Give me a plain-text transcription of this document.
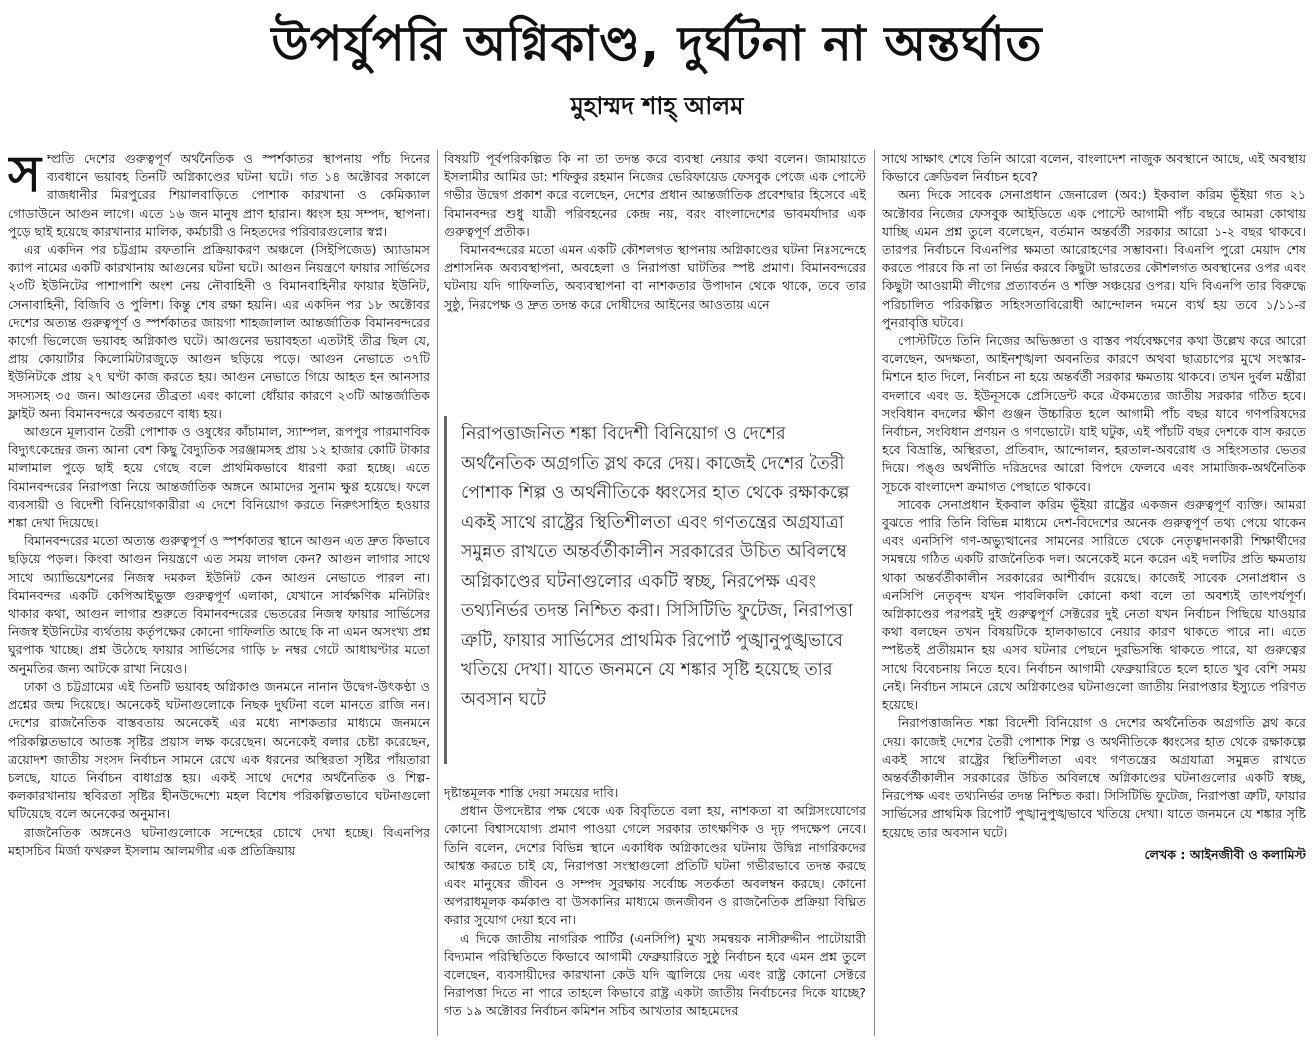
উপর্যুপরি অগ্নিকাণ্ড, দুর্ঘটনা না অন্তর্ঘাত
মুহাম্মদ শাহ্‌ আলম

সম্প্রতি দেশের গুরুত্বপূর্ণ অর্থনৈতিক ও স্পর্শকাতর স্থাপনায় পাঁচ দিনের ব্যবধানে ভয়াবহ তিনটি অগ্নিকাণ্ডের ঘটনা ঘটে। গত ১৪ অক্টোবর সকালে রাজধানীর মিরপুরের শিয়ালবাড়িতে পোশাক কারখানা ও কেমিক্যাল গোডাউনে আগুন লাগে। এতে ১৬ জন মানুষ প্রাণ হারান। ধ্বংস হয় সম্পদ, স্থাপনা। পুড়ে ছাই হয়েছে কারখানার মালিক, কর্মচারী ও নিহতদের পরিবারগুলোর স্বপ্ন।

এর একদিন পর চট্টগ্রাম রফতানি প্রক্রিয়াকরণ অঞ্চলে (সিইপিজেড) অ্যাডামস ক্যাপ নামের একটি কারখানায় আগুনের ঘটনা ঘটে। আগুন নিয়ন্ত্রণে ফায়ার সার্ভিসের ২৩টি ইউনিটের পাশাপাশি অংশ নেয় নৌবাহিনী ও বিমানবাহিনীর ফায়ার ইউনিট, সেনাবাহিনী, বিজিবি ও পুলিশ। কিন্তু শেষ রক্ষা হয়নি। এর একদিন পর ১৮ অক্টোবর দেশের অত্যন্ত গুরুত্বপূর্ণ ও স্পর্শকাতর জায়গা শাহজালাল আন্তর্জাতিক বিমানবন্দরের কার্গো ভিলেজে ভয়াবহ অগ্নিকাণ্ড ঘটে। আগুনের ভয়াবহতা এতটাই তীব্র ছিল যে, প্রায় কোয়ার্টার কিলোমিটারজুড়ে আগুন ছড়িয়ে পড়ে। আগুন নেভাতে ৩৭টি ইউনিটকে প্রায় ২৭ ঘণ্টা কাজ করতে হয়। আগুন নেভাতে গিয়ে আহত হন আনসার সদস্যসহ ৩৫ জন। আগুনের তীব্রতা এবং কালো ধোঁয়ার কারণে ২৩টি আন্তর্জাতিক ফ্লাইট অন্য বিমানবন্দরে অবতরণে বাধ্য হয়।

আগুনে মূল্যবান তৈরী পোশাক ও ওষুধের কাঁচামাল, স্যাম্পল, রূপপুর পারমাণবিক বিদ্যুৎকেন্দ্রের জন্য আনা বেশ কিছু বৈদ্যুতিক সরঞ্জামসহ প্রায় ১২ হাজার কোটি টাকার মালামাল পুড়ে ছাই হয়ে গেছে বলে প্রাথমিকভাবে ধারণা করা হচ্ছে। এতে বিমানবন্দরের নিরাপত্তা নিয়ে আন্তর্জাতিক অঙ্গনে আমাদের সুনাম ক্ষুণ্ণ হয়েছে। ফলে ব্যবসায়ী ও বিদেশী বিনিয়োগকারীরা এ দেশে বিনিয়োগ করতে নিরুৎসাহিত হওয়ার শঙ্কা দেখা দিয়েছে।

বিমানবন্দরের মতো অত্যন্ত গুরুত্বপূর্ণ ও স্পর্শকাতর স্থানে আগুন এত দ্রুত কিভাবে ছড়িয়ে পড়ল। কিংবা আগুন নিয়ন্ত্রণে এত সময় লাগল কেন? আগুন লাগার সাথে সাথে অ্যাভিয়েশনের নিজস্ব দমকল ইউনিট কেন আগুন নেভাতে পারল না। বিমানবন্দর একটি কেপিআইভুক্ত গুরুত্বপূর্ণ এলাকা, যেখানে সার্বক্ষণিক মনিটরিং থাকার কথা, আগুন লাগার শুরুতে বিমানবন্দরের ভেতরের নিজস্ব ফায়ার সার্ভিসের নিজস্ব ইউনিটের ব্যর্থতায় কর্তৃপক্ষের কোনো গাফিলতি আছে কি না এমন অসংখ্য প্রশ্ন ঘুরপাক খাচ্ছে। প্রশ্ন উঠেছে ফায়ার সার্ভিসের গাড়ি ৮ নম্বর গেটে আধাঘণ্টার মতো অনুমতির জন্য আটকে রাখা নিয়েও।

ঢাকা ও চট্টগ্রামের এই তিনটি ভয়াবহ অগ্নিকাণ্ড জনমনে নানান উদ্বেগ-উৎকণ্ঠা ও প্রশ্নের জন্ম দিয়েছে। অনেকেই ঘটনাগুলোকে নিছক দুর্ঘটনা বলে মানতে রাজি নন। দেশের রাজনৈতিক বাস্তবতায় অনেকেই এর মধ্যে নাশকতার মাধ্যমে জনমনে পরিকল্পিতভাবে আতঙ্ক সৃষ্টির প্রয়াস লক্ষ করেছেন। অনেকেই বলার চেষ্টা করেছেন, ত্রয়োদশ জাতীয় সংসদ নির্বাচন সামনে রেখে এক ধরনের অস্থিরতা সৃষ্টির পাঁয়তারা চলছে, যাতে নির্বাচন বাধাগ্রস্ত হয়। একই সাথে দেশের অর্থনৈতিক ও শিল্প-কলকারখানায় স্থবিরতা সৃষ্টির হীনউদ্দেশ্যে মহল বিশেষ পরিকল্পিতভাবে ঘটনাগুলো ঘটিয়েছে বলে অনেকের অনুমান।

রাজনৈতিক অঙ্গনেও ঘটনাগুলোকে সন্দেহের চোখে দেখা হচ্ছে। বিএনপির মহাসচিব মির্জা ফখরুল ইসলাম আলমগীর এক প্রতিক্রিয়ায়

বিষয়টি পূর্বপরিকল্পিত কি না তা তদন্ত করে ব্যবস্থা নেয়ার কথা বলেন। জামায়াতে ইসলামীর আমির ডা: শফিকুর রহমান নিজের ভেরিফায়েড ফেসবুক পেজে এক পোস্টে গভীর উদ্বেগ প্রকাশ করে বলেছেন, দেশের প্রধান আন্তর্জাতিক প্রবেশদ্বার হিসেবে এই বিমানবন্দর শুধু যাত্রী পরিবহনের কেন্দ্র নয়, বরং বাংলাদেশের ভাবমর্যাদার এক গুরুত্বপূর্ণ প্রতীক।

বিমানবন্দরের মতো এমন একটি কৌশলগত স্থাপনায় অগ্নিকাণ্ডের ঘটনা নিঃসন্দেহে প্রশাসনিক অব্যবস্থাপনা, অবহেলা ও নিরাপত্তা ঘাটতির স্পষ্ট প্রমাণ। বিমানবন্দরের ঘটনায় যদি গাফিলতি, অব্যবস্থাপনা বা নাশকতার উপাদান থেকে থাকে, তবে তার সুষ্ঠু, নিরপেক্ষ ও দ্রুত তদন্ত করে দোষীদের আইনের আওতায় এনে

নিরাপত্তাজনিত শঙ্কা বিদেশী বিনিয়োগ ও দেশের অর্থনৈতিক অগ্রগতি স্লথ করে দেয়। কাজেই দেশের তৈরী পোশাক শিল্প ও অর্থনীতিকে ধ্বংসের হাত থেকে রক্ষাকল্পে একই সাথে রাষ্ট্রের স্থিতিশীলতা এবং গণতন্ত্রের অগ্রযাত্রা সমুন্নত রাখতে অন্তর্বর্তীকালীন সরকারের উচিত অবিলম্বে অগ্নিকাণ্ডের ঘটনাগুলোর একটি স্বচ্ছ, নিরপেক্ষ এবং তথ্যনির্ভর তদন্ত নিশ্চিত করা। সিসিটিভি ফুটেজ, নিরাপত্তা ত্রুটি, ফায়ার সার্ভিসের প্রাথমিক রিপোর্ট পুঙ্খানুপুঙ্খভাবে খতিয়ে দেখা। যাতে জনমনে যে শঙ্কার সৃষ্টি হয়েছে তার অবসান ঘটে

দৃষ্টান্তমূলক শাস্তি দেয়া সময়ের দাবি।

প্রধান উপদেষ্টার পক্ষ থেকে এক বিবৃতিতে বলা হয়, নাশকতা বা অগ্নিসংযোগের কোনো বিশ্বাসযোগ্য প্রমাণ পাওয়া গেলে সরকার তাৎক্ষণিক ও দৃঢ় পদক্ষেপ নেবে। তিনি বলেন, দেশের বিভিন্ন স্থানে একাধিক অগ্নিকাণ্ডের ঘটনায় উদ্বিগ্ন নাগরিকদের আশ্বস্ত করতে চাই যে, নিরাপত্তা সংস্থাগুলো প্রতিটি ঘটনা গভীরভাবে তদন্ত করছে এবং মানুষের জীবন ও সম্পদ সুরক্ষায় সর্বোচ্চ সতর্কতা অবলম্বন করছে। কোনো অপরাধমূলক কর্মকাণ্ড বা উসকানির মাধ্যমে জনজীবন ও রাজনৈতিক প্রক্রিয়া বিঘ্নিত করার সুযোগ দেয়া হবে না।

এ দিকে জাতীয় নাগরিক পার্টির (এনসিপি) মুখ্য সমন্বয়ক নাসীরুদ্দীন পাটোয়ারী বিদ্যমান পরিস্থিতিতে কিভাবে আগামী ফেব্রুয়ারিতে সুষ্ঠু নির্বাচন হবে এমন প্রশ্ন তুলে বলেছেন, ব্যবসায়ীদের কারখানা কেউ যদি জ্বালিয়ে দেয় এবং রাষ্ট্র কোনো সেক্টরে নিরাপত্তা দিতে না পারে তাহলে কিভাবে রাষ্ট্র একটা জাতীয় নির্বাচনের দিকে যাচ্ছে? গত ১৯ অক্টোবর নির্বাচন কমিশন সচিব আখতার আহমেদের

সাথে সাক্ষাৎ শেষে তিনি আরো বলেন, বাংলাদেশ নাজুক অবস্থানে আছে, এই অবস্থায় কিভাবে ক্রেডিবল নির্বাচন হবে?

অন্য দিকে সাবেক সেনাপ্রধান জেনারেল (অব:) ইকবাল করিম ভূঁইয়া গত ২১ অক্টোবর নিজের ফেসবুক আইডিতে এক পোস্টে আগামী পাঁচ বছরে আমরা কোথায় যাচ্ছি এমন প্রশ্ন তুলে বলেছেন, বর্তমান অন্তর্বর্তী সরকার আরো ১-২ বছর থাকবে। তারপর নির্বাচনে বিএনপির ক্ষমতা আরোহণের সম্ভাবনা। বিএনপি পুরো মেয়াদ শেষ করতে পারবে কি না তা নির্ভর করবে কিছুটা ভারতের কৌশলগত অবস্থানের ওপর এবং কিছুটা আওয়ামী লীগের প্রত্যাবর্তন ও শক্তি সঞ্চয়ের ওপর। যদি বিএনপি তার বিরুদ্ধে পরিচালিত পরিকল্পিত সহিংসতাবিরোধী আন্দোলন দমনে ব্যর্থ হয় তবে ১/১১-র পুনরাবৃত্তি ঘটবে।

পোস্টটিতে তিনি নিজের অভিজ্ঞতা ও বাস্তব পর্যবেক্ষণের কথা উল্লেখ করে আরো বলেছেন, অদক্ষতা, আইনশৃঙ্খলা অবনতির কারণে অথবা ছাত্রচাপের মুখে সংস্কার-মিশনে হাত দিলে, নির্বাচন না হয়ে অন্তর্বর্তী সরকার ক্ষমতায় থাকবে। তখন দুর্বল মন্ত্রীরা বদলাবে এবং ড. ইউনূসকে প্রেসিডেন্ট করে ঐকমত্যের জাতীয় সরকার গঠিত হবে। সংবিধান বদলের ক্ষীণ গুঞ্জন উচ্চারিত হলে আগামী পাঁচ বছর যাবে গণপরিষদের নির্বাচন, সংবিধান প্রণয়ন ও গণভোটে। যাই ঘটুক, এই পাঁচটি বছর দেশকে বাস করতে হবে বিভ্রান্তি, অস্থিরতা, প্রতিবাদ, আন্দোলন, হরতাল-অবরোধ ও সহিংসতার ভেতর দিয়ে। পঙ্গু অর্থনীতি দরিদ্রদের আরো বিপদে ফেলবে এবং সামাজিক-অর্থনৈতিক সূচকে বাংলাদেশ ক্রমাগত পেছাতে থাকবে।

সাবেক সেনাপ্রধান ইকবাল করিম ভূঁইয়া রাষ্ট্রের একজন গুরুত্বপূর্ণ ব্যক্তি। আমরা বুঝতে পারি তিনি বিভিন্ন মাধ্যমে দেশ-বিদেশের অনেক গুরুত্বপূর্ণ তথ্য পেয়ে থাকেন এবং এনসিপি গণ-অভ্যুত্থানের সামনের সারিতে থেকে নেতৃত্বদানকারী শিক্ষার্থীদের সমন্বয়ে গঠিত একটি রাজনৈতিক দল। অনেকেই মনে করেন এই দলটির প্রতি ক্ষমতায় থাকা অন্তর্বর্তীকালীন সরকারের আশীর্বাদ রয়েছে। কাজেই সাবেক সেনাপ্রধান ও এনসিপি নেতৃবৃন্দ যখন পাবলিকলি কোনো কথা বলে তা অবশ্যই তাৎপর্যপূর্ণ। অগ্নিকাণ্ডের পরপরই দুই গুরুত্বপূর্ণ সেক্টরের দুই নেতা যখন নির্বাচন পিছিয়ে যাওয়ার কথা বলছেন তখন বিষয়টিকে হালকাভাবে নেয়ার কারণ থাকতে পারে না। এতে স্পষ্টতই প্রতীয়মান হয় এসব ঘটনার পেছনে দুরভিসন্ধি থাকতে পারে, যা গুরুত্বের সাথে বিবেচনায় নিতে হবে। নির্বাচন আগামী ফেব্রুয়ারিতে হলে হাতে খুব বেশি সময় নেই। নির্বাচন সামনে রেখে অগ্নিকাণ্ডের ঘটনাগুলো জাতীয় নিরাপত্তার ইস্যুতে পরিণত হয়েছে।

নিরাপত্তাজনিত শঙ্কা বিদেশী বিনিয়োগ ও দেশের অর্থনৈতিক অগ্রগতি স্লথ করে দেয়। কাজেই দেশের তৈরী পোশাক শিল্প ও অর্থনীতিকে ধ্বংসের হাত থেকে রক্ষাকল্পে একই সাথে রাষ্ট্রের স্থিতিশীলতা এবং গণতন্ত্রের অগ্রযাত্রা সমুন্নত রাখতে অন্তর্বর্তীকালীন সরকারের উচিত অবিলম্বে অগ্নিকাণ্ডের ঘটনাগুলোর একটি স্বচ্ছ, নিরপেক্ষ এবং তথ্যনির্ভর তদন্ত নিশ্চিত করা। সিসিটিভি ফুটেজ, নিরাপত্তা ত্রুটি, ফায়ার সার্ভিসের প্রাথমিক রিপোর্ট পুঙ্খানুপুঙ্খভাবে খতিয়ে দেখা। যাতে জনমনে যে শঙ্কার সৃষ্টি হয়েছে তার অবসান ঘটে।

লেখক : আইনজীবী ও কলামিস্ট
